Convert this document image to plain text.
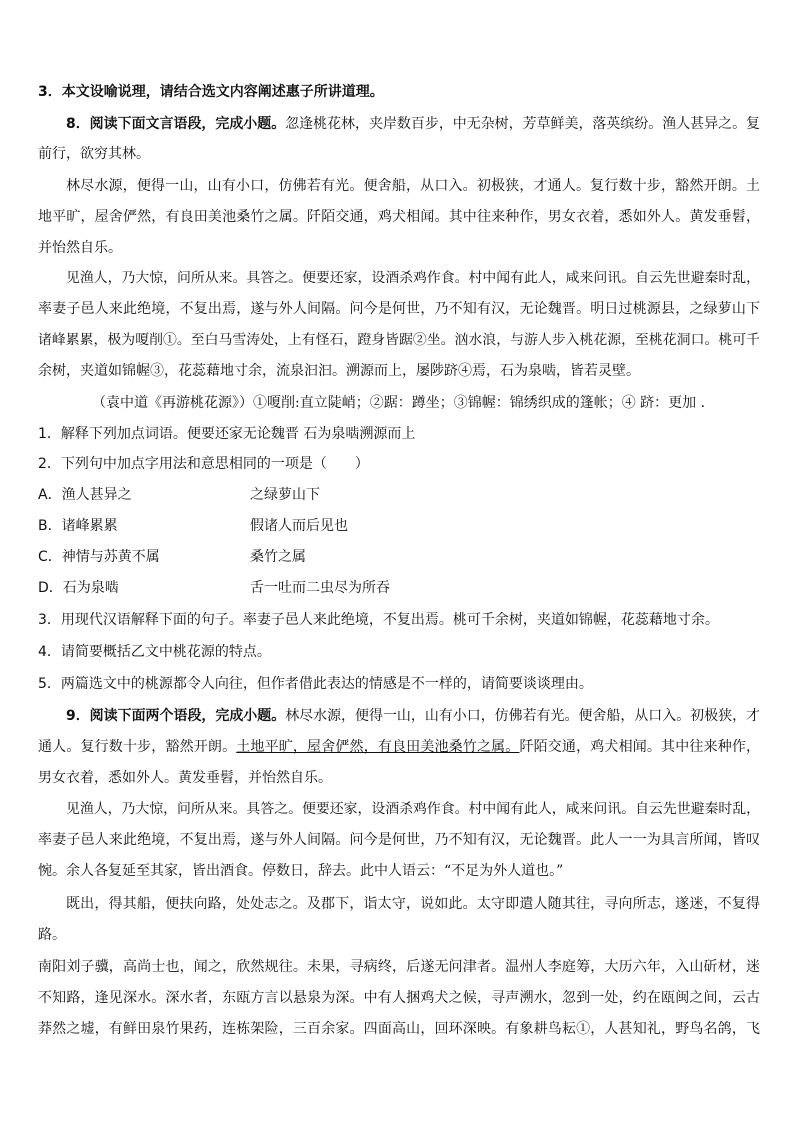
3．本文设喻说理，请结合选文内容阐述惠子所讲道理。
8．阅读下面文言语段，完成小题。忽逢桃花林，夹岸数百步，中无杂树，芳草鲜美，落英缤纷。渔人甚异之。复
前行，欲穷其林。
林尽水源，便得一山，山有小口，仿佛若有光。便舍船，从口入。初极狭，才通人。复行数十步，豁然开朗。土
地平旷，屋舍俨然，有良田美池桑竹之属。阡陌交通，鸡犬相闻。其中往来种作，男女衣着，悉如外人。黄发垂髫，
并怡然自乐。
见渔人，乃大惊，问所从来。具答之。便要还家，设酒杀鸡作食。村中闻有此人，咸来问讯。自云先世避秦时乱，
率妻子邑人来此绝境，不复出焉，遂与外人间隔。问今是何世，乃不知有汉，无论魏晋。明日过桃源县，之绿萝山下
诸峰累累，极为嗄削①。至白马雪涛处，上有怪石，蹬身皆踞②坐。汹水浪，与游人步入桃花源，至桃花洞口。桃可千
余树，夹道如锦幄③，花蕊藉地寸余，流泉汩汩。溯源而上，屡陟跻④焉，石为泉啮，皆若灵壁。
（袁中道《再游桃花源》）①嗄削:直立陡峭；②踞：蹲坐；③锦幄：锦绣织成的篷帐；④ 跻：更加 .
1．解释下列加点词语。便要还家无论魏晋 石为泉啮溯源而上
2．下列句中加点字用法和意思相同的一项是（　　）
A．渔人甚异之	之绿萝山下
B．诸峰累累	假诸人而后见也
C．神情与苏黄不属	桑竹之属
D．石为泉啮	舌一吐而二虫尽为所吞
3．用现代汉语解释下面的句子。率妻子邑人来此绝境，不复出焉。桃可千余树，夹道如锦幄，花蕊藉地寸余。
4．请简要概括乙文中桃花源的特点。
5．两篇选文中的桃源都令人向往，但作者借此表达的情感是不一样的，请简要谈谈理由。
9．阅读下面两个语段，完成小题。林尽水源，便得一山，山有小口，仿佛若有光。便舍船，从口入。初极狭，才
通人。复行数十步，豁然开朗。土地平旷，屋舍俨然，有良田美池桑竹之属。阡陌交通，鸡犬相闻。其中往来种作，
男女衣着，悉如外人。黄发垂髫，并怡然自乐。
见渔人，乃大惊，问所从来。具答之。便要还家，设酒杀鸡作食。村中闻有此人，咸来问讯。自云先世避秦时乱，
率妻子邑人来此绝境，不复出焉，遂与外人间隔。问今是何世，乃不知有汉，无论魏晋。此人一一为具言所闻，皆叹
惋。余人各复延至其家，皆出酒食。停数日，辞去。此中人语云：“不足为外人道也。”
既出，得其船，便扶向路，处处志之。及郡下，诣太守，说如此。太守即遣人随其往，寻向所志，遂迷，不复得
路。
南阳刘子骥，高尚士也，闻之，欣然规往。未果，寻病终，后遂无问津者。温州人李庭筹，大历六年，入山斫材，迷
不知路，逢见深水。深水者，东瓯方言以悬泉为深。中有人捆鸡犬之候，寻声溯水，忽到一处，约在瓯闽之间，云古
莽然之墟，有鲜田泉竹果药，连栋架险，三百余家。四面高山，回环深映。有象耕鸟耘①，人甚知礼，野鸟名鸽，飞
